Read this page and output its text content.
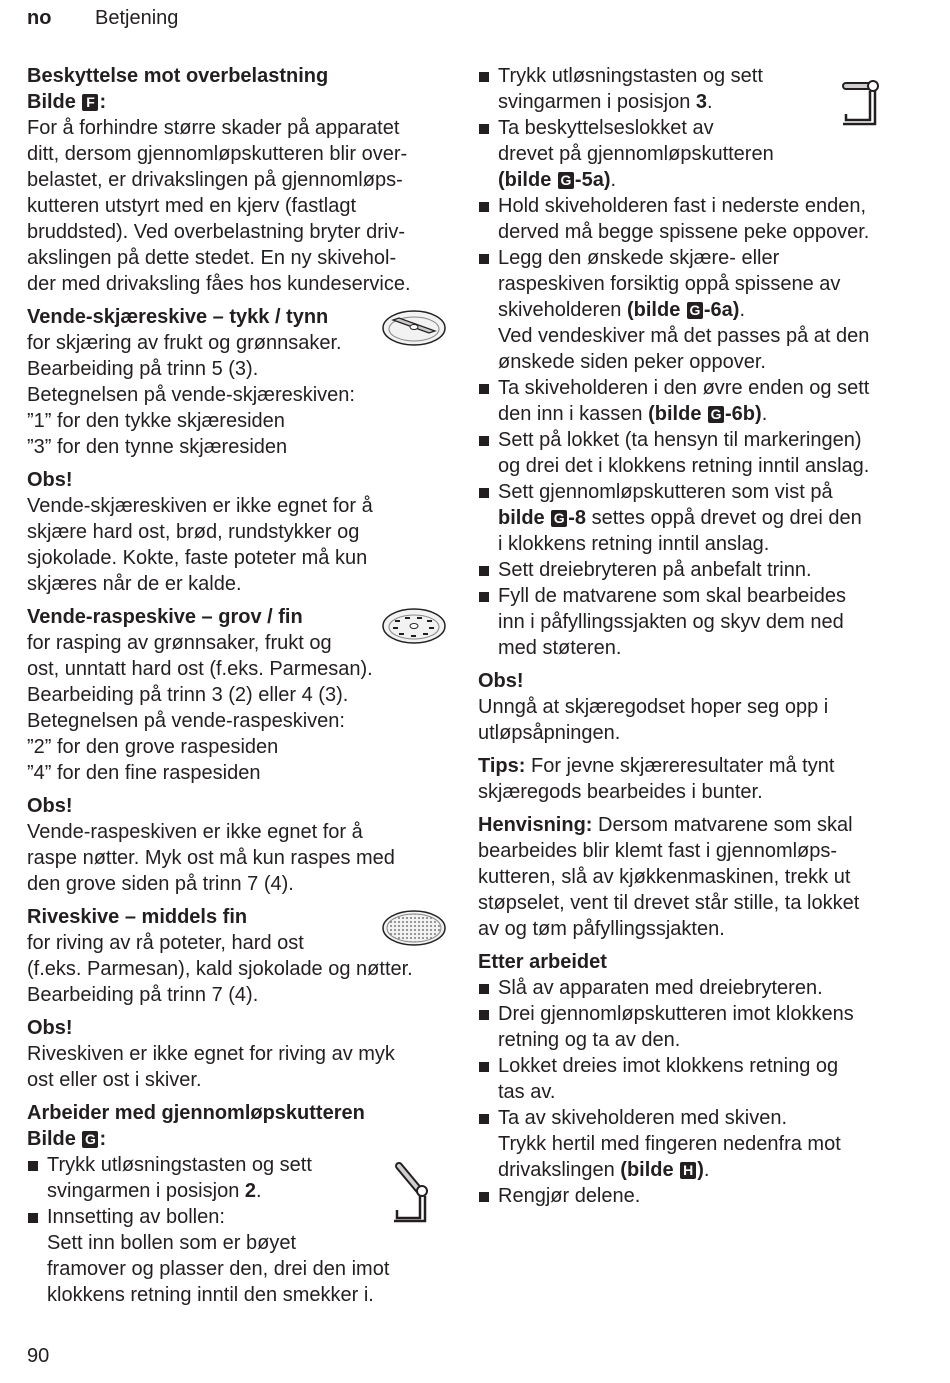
no Betjening

Beskyttelse mot overbelastning
Bilde F :

For å forhindre større skader på apparatet
ditt, dersom gjennomløpskutteren blir over-
belastet, er drivakslingen på gjennomløps-
kutteren utstyrt med en kjerv (fastlagt
bruddsted). Ved overbelastning bryter driv-
akslingen på dette stedet. En ny skivehol-
der med drivaksling fåes hos kundeservice.

Vende-skjæreskive – tykk / tynn

for skjæring av frukt og grønnsaker.
Bearbeiding på trinn 5 (3).
Betegnelsen på vende-skjæreskiven:
”1” for den tykke skjæresiden
”3” for den tynne skjæresiden

Obs!

Vende-skjæreskiven er ikke egnet for å
skjære hard ost, brød, rundstykker og
sjokolade. Kokte, faste poteter må kun
skjæres når de er kalde.

Vende-raspeskive – grov / fin

for rasping av grønnsaker, frukt og
ost, unntatt hard ost (f.eks. Parmesan).
Bearbeiding på trinn 3 (2) eller 4 (3).
Betegnelsen på vende-raspeskiven:
”2” for den grove raspesiden
”4” for den fine raspesiden

Obs!

Vende-raspeskiven er ikke egnet for å
raspe nøtter. Myk ost må kun raspes med
den grove siden på trinn 7 (4).

Riveskive – middels fin

for riving av rå poteter, hard ost
(f.eks. Parmesan), kald sjokolade og nøtter.
Bearbeiding på trinn 7 (4).

Obs!

Riveskiven er ikke egnet for riving av myk
ost eller ost i skiver.

Arbeider med gjennomløpskutteren
Bilde G :

Trykk utløsningstasten og sett
svingarmen i posisjon 2.

Innsetting av bollen:
Sett inn bollen som er bøyet
framover og plasser den, drei den imot
klokkens retning inntil den smekker i.

Trykk utløsningstasten og sett
svingarmen i posisjon 3.

Ta beskyttelseslokket av
drevet på gjennomløpskutteren
(bilde G -5a).

Hold skiveholderen fast i nederste enden,
derved må begge spissene peke oppover.

Legg den ønskede skjære- eller
raspeskiven forsiktig oppå spissene av
skiveholderen (bilde G -6a).

Ved vendeskiver må det passes på at den
ønskede siden peker oppover.

Ta skiveholderen i den øvre enden og sett
den inn i kassen (bilde G -6b).

Sett på lokket (ta hensyn til markeringen)
og drei det i klokkens retning inntil anslag.

Sett gjennomløpskutteren som vist på
bilde G -8 settes oppå drevet og drei den
i klokkens retning inntil anslag.

Sett dreiebryteren på anbefalt trinn.

Fyll de matvarene som skal bearbeides
inn i påfyllingssjakten og skyv dem ned
med støteren.

Obs!

Unngå at skjæregodset hoper seg opp i
utløpsåpningen.

Tips: For jevne skjæreresultater må tynt
skjæregods bearbeides i bunter.

Henvisning: Dersom matvarene som skal
bearbeides blir klemt fast i gjennomløps-
kutteren, slå av kjøkkenmaskinen, trekk ut
støpselet, vent til drevet står stille, ta lokket
av og tøm påfyllingssjakten.

Etter arbeidet

Slå av apparaten med dreiebryteren.

Drei gjennomløpskutteren imot klokkens
retning og ta av den.

Lokket dreies imot klokkens retning og
tas av.

Ta av skiveholderen med skiven.
Trykk hertil med fingeren nedenfra mot
drivakslingen (bilde H ).

Rengjør delene.

90
